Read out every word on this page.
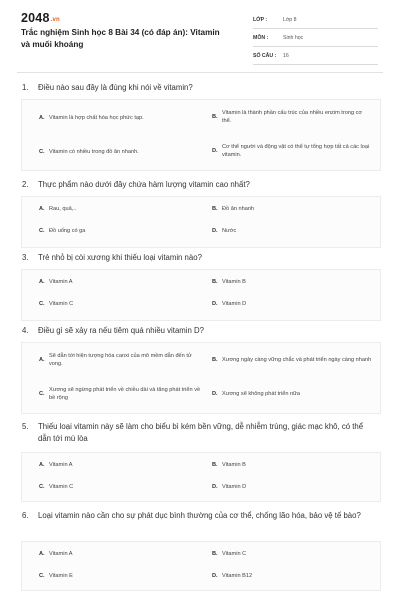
2048.vn
Trắc nghiệm Sinh học 8 Bài 34 (có đáp án): Vitamin và muối khoáng
LỚP :	Lớp 8
MÔN :	Sinh học
SỐ CÂU :	16
1. Điều nào sau đây là đúng khi nói về vitamin?
A. Vitamin là hợp chất hóa học phức tạp.	B.
Vitamin là thành phần cấu trúc của nhiều enzim trong cơ thể.
C. Vitamin có nhiều trong đồ ăn nhanh.	D.
Cơ thể người và động vật có thể tự tổng hợp tất cả các loại vitamin.
2. Thực phẩm nào dưới đây chứa hàm lượng vitamin cao nhất?
A. Rau, quả,..	B. Đồ ăn nhanh
C. Đồ uống có ga	D. Nước
3. Trẻ nhỏ bị còi xương khi thiếu loại vitamin nào?
A. Vitamin A	B. Vitamin B
C. Vitamin C	D. Vitamin D
4. Điều gì sẽ xảy ra nếu tiêm quá nhiều vitamin D?
A.
Sẽ dẫn tới hiện tượng hóa canxi của mô mềm dẫn đến tử vong.
B. Xương ngày càng vững chắc và phát triển ngày càng nhanh
C.
Xương sẽ ngừng phát triển về chiều dài và tăng phát triển về bề rộng
D. Xương sẽ không phát triển nữa
5. Thiếu loại vitamin này sẽ làm cho biểu bì kém bền vững, dễ nhiễm trùng, giác mạc khô, có thể dẫn tới mù lòa
A. Vitamin A	B. Vitamin B
C. Vitamin C	D. Vitamin D
6. Loại vitamin nào cần cho sự phát dục bình thường của cơ thể, chống lão hóa, bảo vệ tế bào?
A. Vitamin A	B. Vitamin C
C. Vitamin E	D. Vitamin B12
